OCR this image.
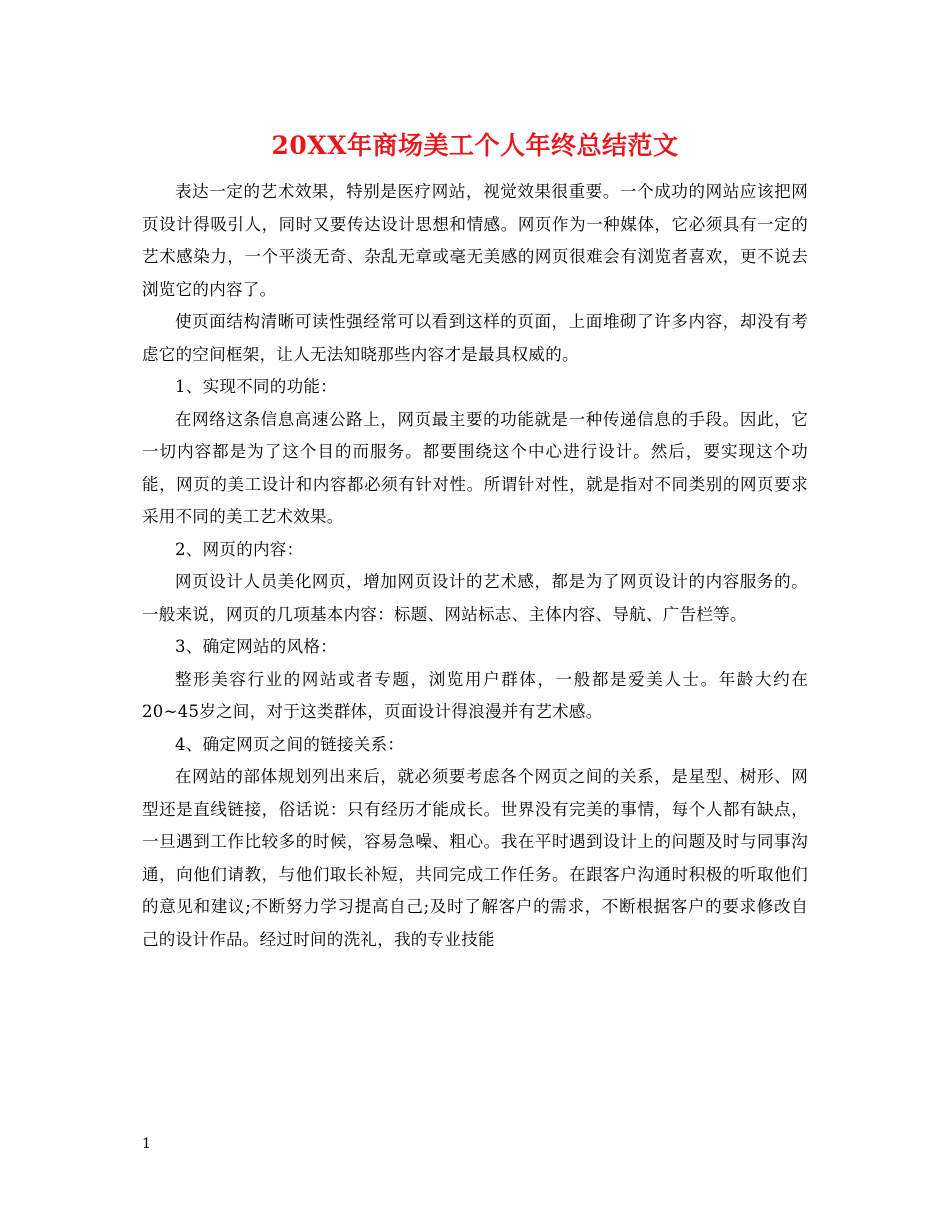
20XX年商场美工个人年终总结范文

表达一定的艺术效果，特别是医疗网站，视觉效果很重要。一个成功的网站应该把网页设计得吸引人，同时又要传达设计思想和情感。网页作为一种媒体，它必须具有一定的艺术感染力，一个平淡无奇、杂乱无章或毫无美感的网页很难会有浏览者喜欢，更不说去浏览它的内容了。

使页面结构清晰可读性强经常可以看到这样的页面，上面堆砌了许多内容，却没有考虑它的空间框架，让人无法知晓那些内容才是最具权威的。

1、实现不同的功能：

在网络这条信息高速公路上，网页最主要的功能就是一种传递信息的手段。因此，它一切内容都是为了这个目的而服务。都要围绕这个中心进行设计。然后，要实现这个功能，网页的美工设计和内容都必须有针对性。所谓针对性，就是指对不同类别的网页要求采用不同的美工艺术效果。

2、网页的内容：

网页设计人员美化网页，增加网页设计的艺术感，都是为了网页设计的内容服务的。一般来说，网页的几项基本内容：标题、网站标志、主体内容、导航、广告栏等。

3、确定网站的风格：

整形美容行业的网站或者专题，浏览用户群体，一般都是爱美人士。年龄大约在20~45岁之间，对于这类群体，页面设计得浪漫并有艺术感。

4、确定网页之间的链接关系：

在网站的部体规划列出来后，就必须要考虑各个网页之间的关系，是星型、树形、网型还是直线链接，俗话说：只有经历才能成长。世界没有完美的事情，每个人都有缺点，一旦遇到工作比较多的时候，容易急噪、粗心。我在平时遇到设计上的问题及时与同事沟通，向他们请教，与他们取长补短，共同完成工作任务。在跟客户沟通时积极的听取他们的意见和建议;不断努力学习提高自己;及时了解客户的需求，不断根据客户的要求修改自己的设计作品。经过时间的洗礼，我的专业技能

1
